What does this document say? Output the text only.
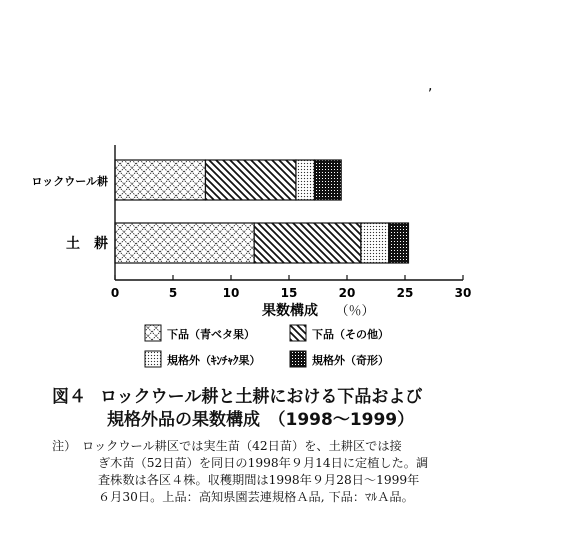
0	5	10	15	20	25	30
果数構成 （％）
ロックウール耕
土　耕
下品（青ベタ果）	下品（その他）
規格外（ｷﾝﾁｬｸ果）	規格外（奇形）
,
図４ ロックウール耕と土耕における下品および
規格外品の果数構成　（1998～1999）
注） ロックウール耕区では実生苗（42日苗）を、土耕区では接
ぎ木苗（52日苗）を同日の1998年９月14日に定植した。調
査株数は各区４株。収穫期間は1998年９月28日～1999年
６月30日。上品：高知県園芸連規格Ａ品, 下品：ﾏﾙＡ品。
